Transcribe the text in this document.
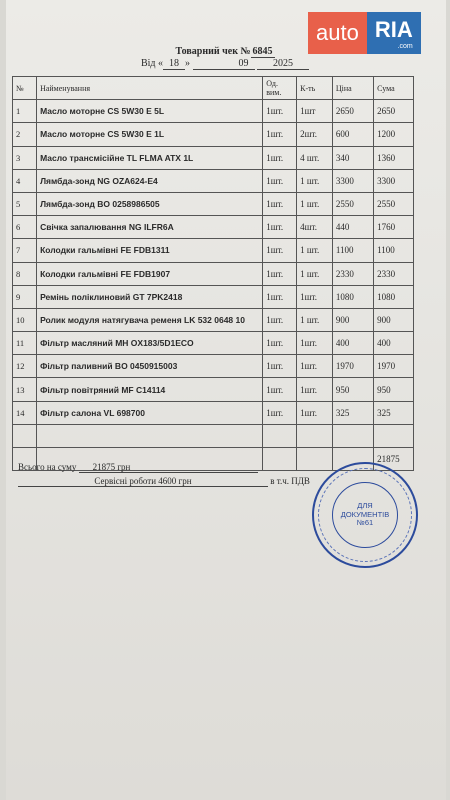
auto RIA
.com
Товарний чек № 6845
Від « 18 »	09 2025
№	Найменування	Од. вим.	К-ть	Ціна	Сума
1	Масло моторне CS 5W30 E 5L	1шт.	1шт	2650	2650
2	Масло моторне CS 5W30 E 1L	1шт.	2шт.	600	1200
3	Масло трансмісійне TL FLMA ATX 1L	1шт.	4 шт.	340	1360
4	Лямбда-зонд NG OZA624-E4	1шт.	1 шт.	3300	3300
5	Лямбда-зонд BO 0258986505	1шт.	1 шт.	2550	2550
6	Свічка запалювання NG ILFR6A	1шт.	4шт.	440	1760
7	Колодки гальмівні FE FDB1311	1шт.	1 шт.	1100	1100
8	Колодки гальмівні FE FDB1907	1шт.	1 шт.	2330	2330
9	Ремінь поліклиновий GT 7PK2418	1шт.	1шт.	1080	1080
10	Ролик модуля натягувача ременя LK 532 0648 10	1шт.	1 шт.	900	900
11	Фільтр масляний MH OX183/5D1ECO	1шт.	1шт.	400	400
12	Фільтр паливний BO 0450915003	1шт.	1шт.	1970	1970
13	Фільтр повітряний MF C14114	1шт.	1шт.	950	950
14	Фільтр салона VL 698700	1шт.	1шт.	325	325

					21875
Всього на суму 21875 грн
Сервісні роботи 4600 грн	в т.ч. ПДВ
ДЛЯ
ДОКУМЕНТІВ
№61
